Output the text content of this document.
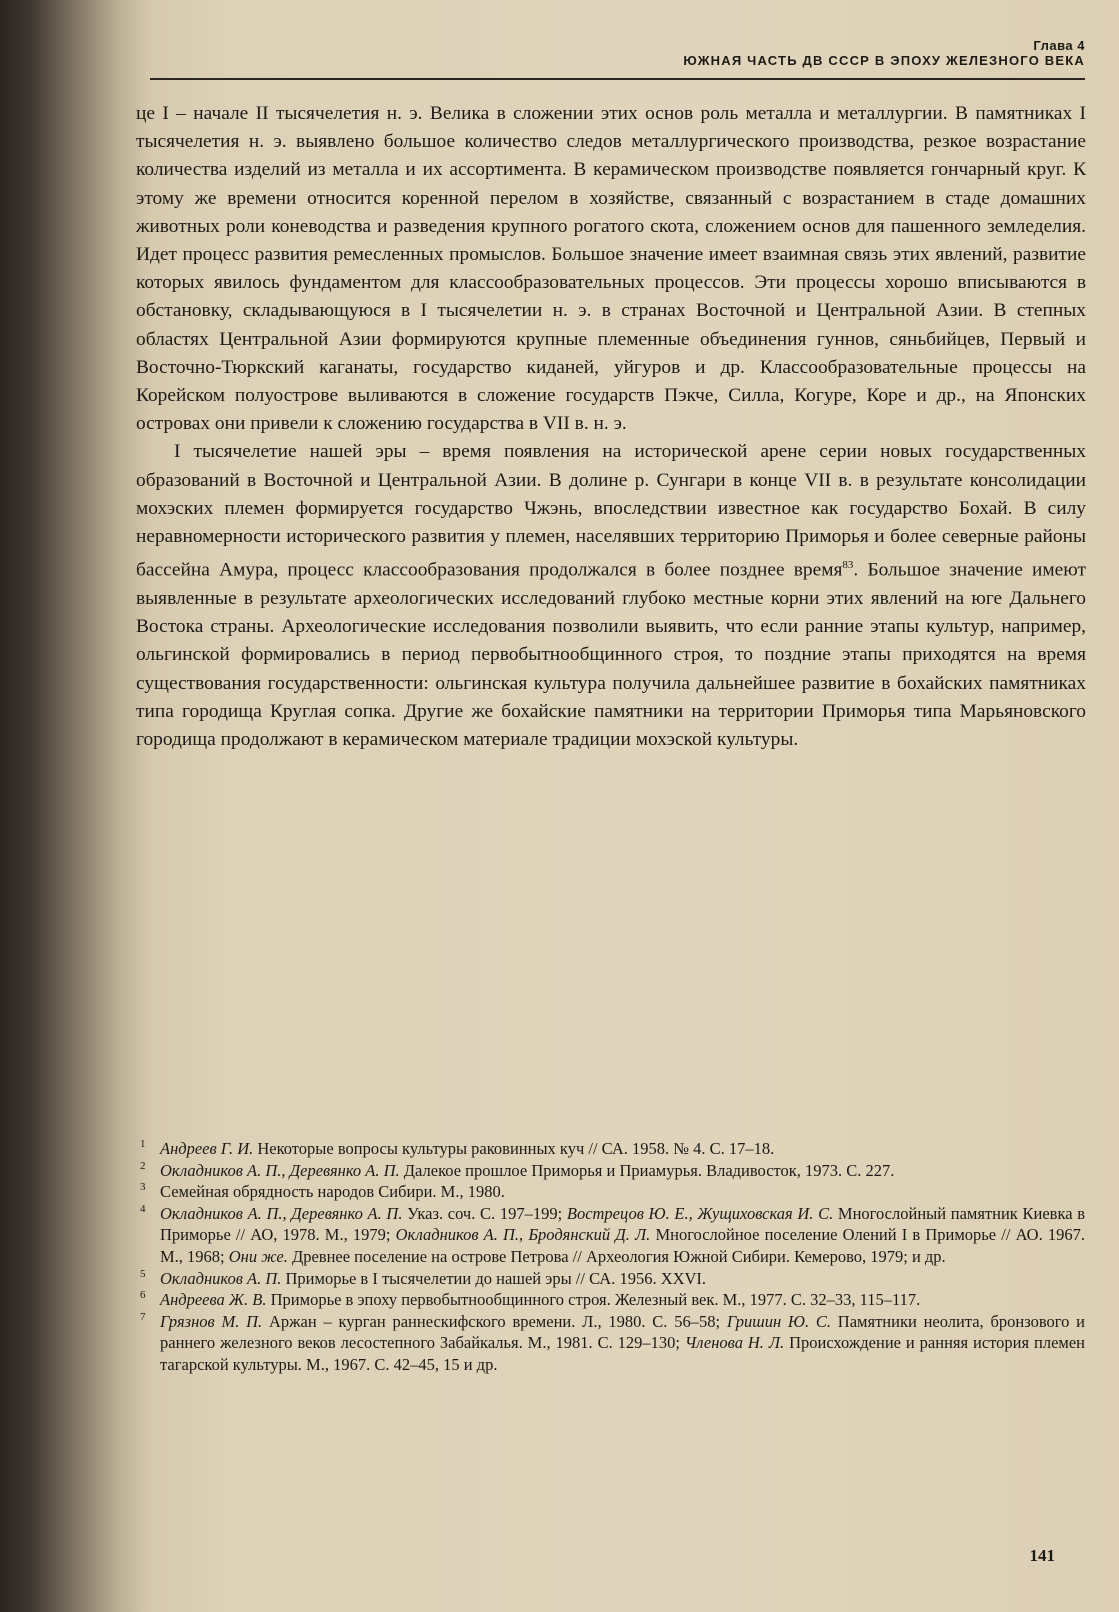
Глава 4
ЮЖНАЯ ЧАСТЬ ДВ СССР В ЭПОХУ ЖЕЛЕЗНОГО ВЕКА

це I – начале II тысячелетия н. э. Велика в сложении этих основ роль металла и металлургии. В памятниках I тысячелетия н. э. выявлено большое количество следов металлургического производства, резкое возрастание количества изделий из металла и их ассортимента. В керамическом производстве появляется гончарный круг. К этому же времени относится коренной перелом в хозяйстве, связанный с возрастанием в стаде домашних животных роли коневодства и разведения крупного рогатого скота, сложением основ для пашенного земледелия. Идет процесс развития ремесленных промыслов. Большое значение имеет взаимная связь этих явлений, развитие которых явилось фундаментом для классообразовательных процессов. Эти процессы хорошо вписываются в обстановку, складывающуюся в I тысячелетии н. э. в странах Восточной и Центральной Азии. В степных областях Центральной Азии формируются крупные племенные объединения гуннов, сяньбийцев, Первый и Восточно-Тюркский каганаты, государство киданей, уйгуров и др. Классообразовательные процессы на Корейском полуострове выливаются в сложение государств Пэкче, Силла, Когуре, Коре и др., на Японских островах они привели к сложению государства в VII в. н. э.

I тысячелетие нашей эры – время появления на исторической арене серии новых государственных образований в Восточной и Центральной Азии. В долине р. Сунгари в конце VII в. в результате консолидации мохэских племен формируется государство Чжэнь, впоследствии известное как государство Бохай. В силу неравномерности исторического развития у племен, населявших территорию Приморья и более северные районы бассейна Амура, процесс классообразования продолжался в более позднее время$^{83}$. Большое значение имеют выявленные в результате археологических исследований глубоко местные корни этих явлений на юге Дальнего Востока страны. Археологические исследования позволили выявить, что если ранние этапы культур, например, ольгинской формировались в период первобытнообщинного строя, то поздние этапы приходятся на время существования государственности: ольгинская культура получила дальнейшее развитие в бохайских памятниках типа городища Круглая сопка. Другие же бохайские памятники на территории Приморья типа Марьяновского городища продолжают в керамическом материале традиции мохэской культуры.

1 Андреев Г. И. Некоторые вопросы культуры раковинных куч // СА. 1958. № 4. С. 17–18.
2 Окладников А. П., Деревянко А. П. Далекое прошлое Приморья и Приамурья. Владивосток, 1973. С. 227.
3 Семейная обрядность народов Сибири. М., 1980.
4 Окладников А. П., Деревянко А. П. Указ. соч. С. 197–199; Вострецов Ю. Е., Жущиховская И. С. Многослойный памятник Киевка в Приморье // АО, 1978. М., 1979; Окладников А. П., Бродянский Д. Л. Многослойное поселение Олений I в Приморье // АО. 1967. М., 1968; Они же. Древнее поселение на острове Петрова // Археология Южной Сибири. Кемерово, 1979; и др.
5 Окладников А. П. Приморье в I тысячелетии до нашей эры // СА. 1956. XXVI.
6 Андреева Ж. В. Приморье в эпоху первобытнообщинного строя. Железный век. М., 1977. С. 32–33, 115–117.
7 Грязнов М. П. Аржан – курган раннескифского времени. Л., 1980. С. 56–58; Гришин Ю. С. Памятники неолита, бронзового и раннего железного веков лесостепного Забайкалья. М., 1981. С. 129–130; Членова Н. Л. Происхождение и ранняя история племен тагарской культуры. М., 1967. С. 42–45, 15 и др.
141
